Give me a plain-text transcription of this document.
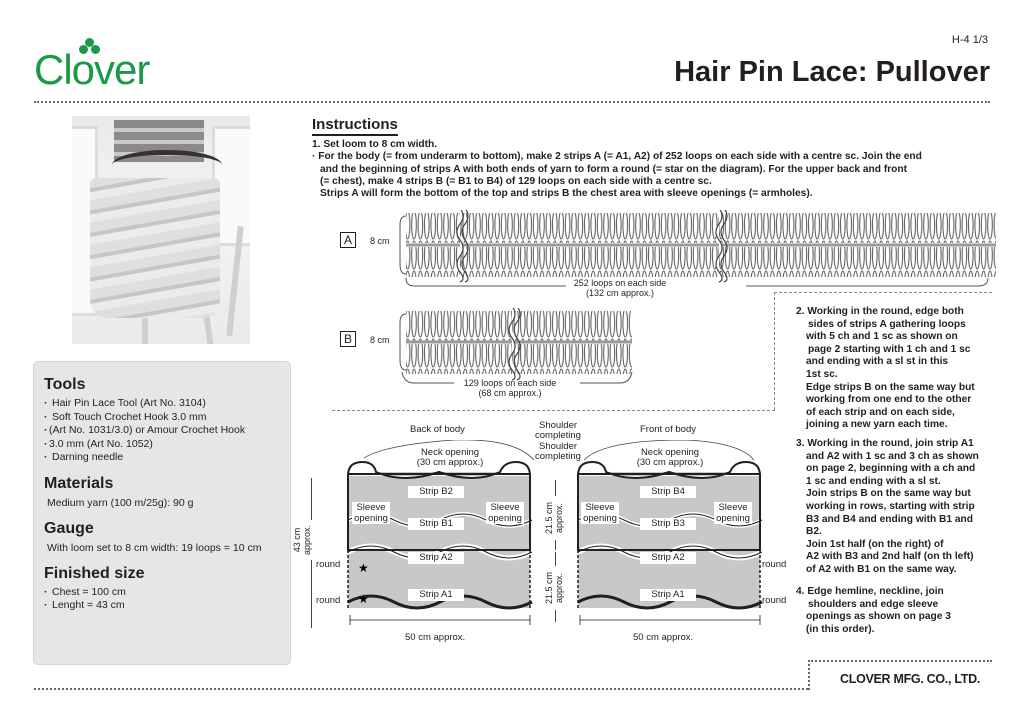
Clover
H-4 1/3
Hair Pin Lace: Pullover
Tools
· Hair Pin Lace Tool (Art No. 3104)
· Soft Touch Crochet Hook 3.0 mm
· (Art No. 1031/3.0) or Amour Crochet Hook
· 3.0 mm (Art No. 1052)
· Darning needle
Materials

Medium yarn (100 m/25g): 90 g

Gauge

With loom set to 8 cm width: 19 loops = 10 cm

Finished size
· Chest = 100 cm
· Lenght = 43 cm
Instructions
1. Set loom to 8 cm width.
· For the body (= from underarm to bottom), make 2 strips A (= A1, A2) of 252 loops on each side with a centre sc. Join the end
and the beginning of strips A with both ends of yarn to form a round (= star on the diagram). For the upper back and front
(= chest), make 4 strips B (= B1 to B4) of 129 loops on each side with a centre sc.
Strips A will form the bottom of the top and strips B the chest area with sleeve openings (= armholes).
A	8 cm
252 loops on each side
(132 cm approx.)
B	8 cm
129 loops on each side
(68 cm approx.)
2. Working in the round, edge both
sides of strips A gathering loops
with 5 ch and 1 sc as shown on
page 2 starting with 1 ch and 1 sc
and ending with a sl st in this
1st sc.
Edge strips B on the same way but
working from one end to the other
of each strip and on each side,
joining a new yarn each time.
3. Working in the round, join strip A1
and A2 with 1 sc and 3 ch as shown
on page 2, beginning with a ch and
1 sc and ending with a sl st.
Join strips B on the same way but
working in rows, starting with strip
B3 and B4 and ending with B1 and
B2.
Join 1st half (on the right) of
A2 with B3 and 2nd half (on th left)
of A2 with B1 on the same way.
4. Edge hemline, neckline, join
shoulders and edge sleeve
openings as shown on page 3
(in this order).
Back of body	Front of body
Shoulder
completing
Shoulder
completing
Neck opening
(30 cm approx.)
Neck opening
(30 cm approx.)
★
★
Strip B2
Strip B1
Strip A2
Strip A1
Sleeve
opening
Sleeve
opening
round
round
50 cm approx.
43 cm approx.
21.5 cm approx.
21.5 cm approx.
Strip B4
Strip B3
Strip A2
Strip A1
Sleeve
opening
Sleeve
opening
round
round
50 cm approx.
CLOVER MFG. CO., LTD.
